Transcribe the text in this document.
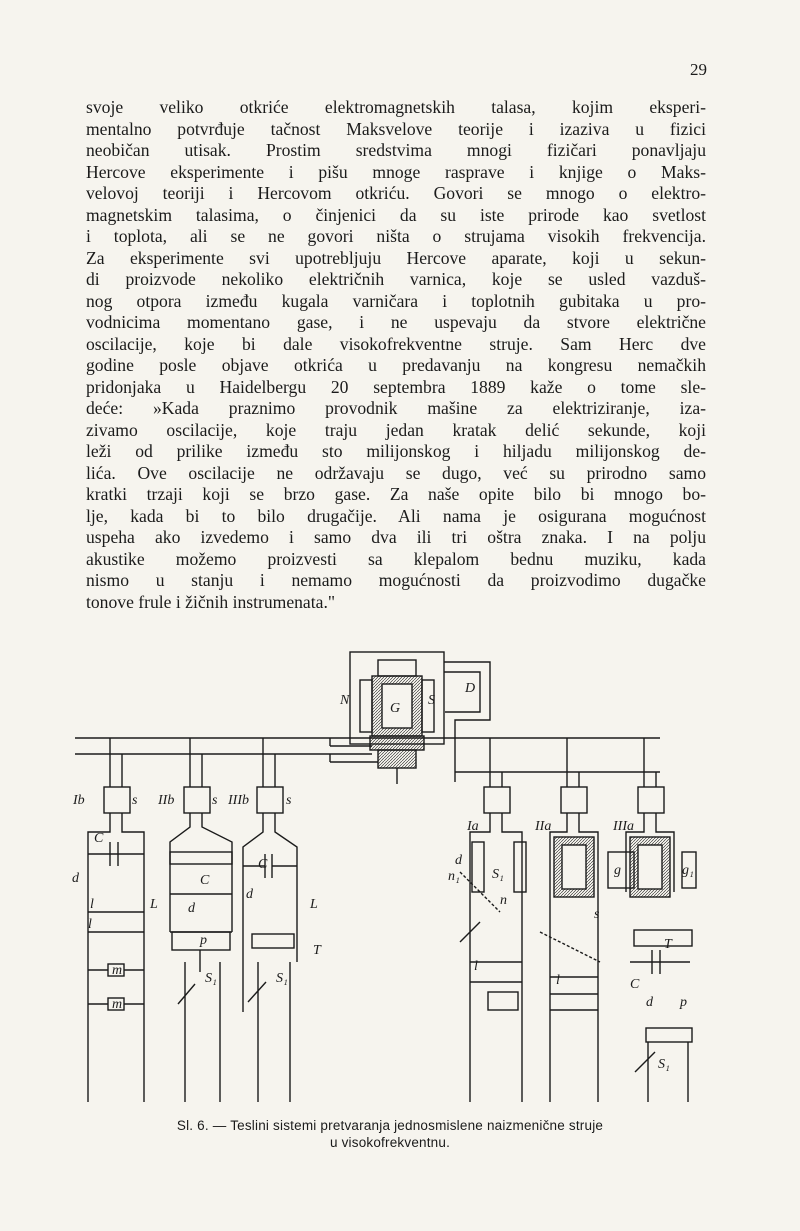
29
svoje veliko otkriće elektromagnetskih talasa, kojim eksperi-
mentalno potvrđuje tačnost Maksvelove teorije i izaziva u fizici
neobičan utisak. Prostim sredstvima mnogi fizičari ponavljaju
Hercove eksperimente i pišu mnoge rasprave i knjige o Maks-
velovoj teoriji i Hercovom otkriću. Govori se mnogo o elektro-
magnetskim talasima, o činjenici da su iste prirode kao svetlost
i toplota, ali se ne govori ništa o strujama visokih frekvencija.
Za eksperimente svi upotrebljuju Hercove aparate, koji u sekun-
di proizvode nekoliko električnih varnica, koje se usled vazduš-
nog otpora između kugala varničara i toplotnih gubitaka u pro-
vodnicima momentano gase, i ne uspevaju da stvore električne
oscilacije, koje bi dale visokofrekventne struje. Sam Herc dve
godine posle objave otkrića u predavanju na kongresu nemačkih
pridonjaka u Haidelbergu 20 septembra 1889 kaže o tome sle-
deće: »Kada praznimo provodnik mašine za elektriziranje, iza-
zivamo oscilacije, koje traju jedan kratak delić sekunde, koji
leži od prilike između sto milijonskog i hiljadu milijonskog de-
lića. Ove oscilacije ne održavaju se dugo, već su prirodno samo
kratki trzaji koji se brzo gase. Za naše opite bilo bi mnogo bo-
lje, kada bi to bilo drugačije. Ali nama je osigurana mogućnost
uspeha ako izvedemo i samo dva ili tri oštra znaka. I na polju
akustike možemo proizvesti sa klepalom bednu muziku, kada
nismo u stanju i nemamo mogućnosti da proizvodimo dugačke
tonove frule i žičnih instrumenata."
N
G
S
D
Ib	s IIb	s IIIb	s
Ia	IIa	IIIa
C
d
l
l
m
m
L
C
d
p
S₁
C
d
L
T
S₁
d
n₁ S₁
n
l
g	g₁
s
l
T
C
d p
S₁
Sl. 6. — Teslini sistemi pretvaranja jednosmislene naizmenične struje
u visokofrekventnu.
